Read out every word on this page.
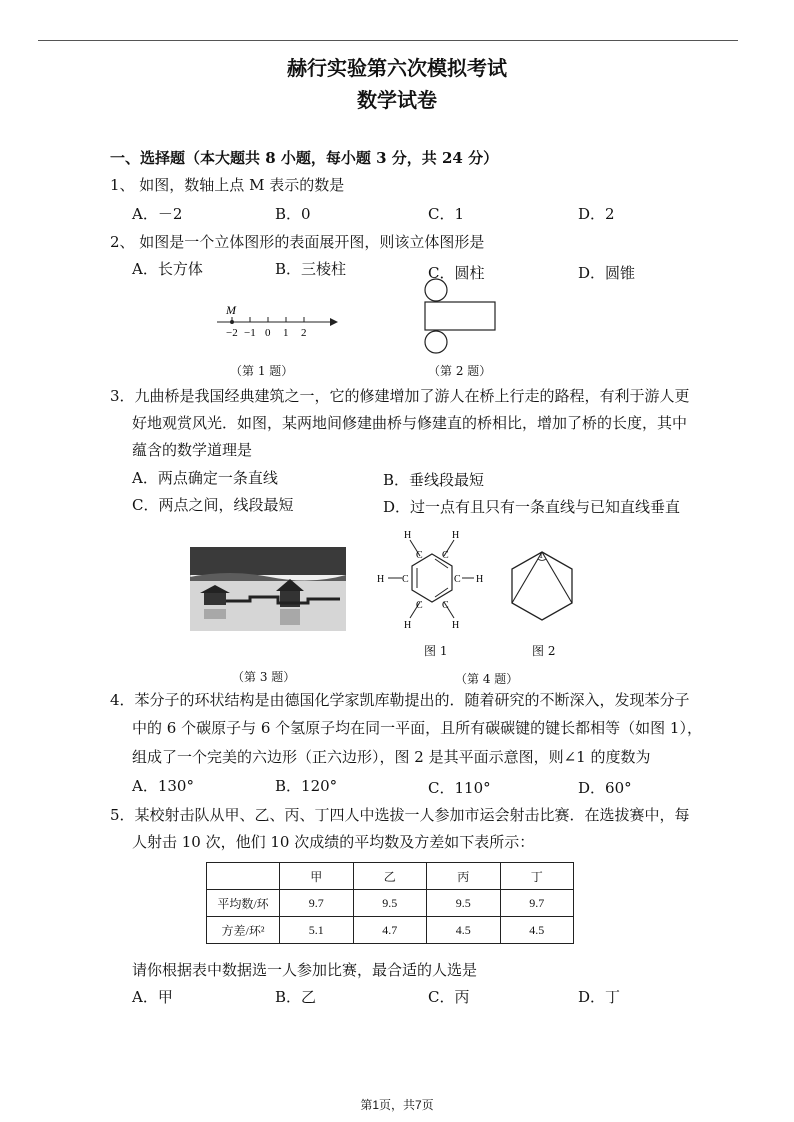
赫行实验第六次模拟考试
数学试卷
一、选择题（本大题共 8 小题，每小题 3 分，共 24 分）
1、 如图，数轴上点 M 表示的数是
A．－2	B．0	C．1	D．2
2、 如图是一个立体图形的表面展开图，则该立体图形是
A．长方体	B．三棱柱	C．圆柱	D．圆锥
M
−2 −1 0 1 2
（第 1 题）	（第 2 题）
3．九曲桥是我国经典建筑之一，它的修建增加了游人在桥上行走的路程，有利于游人更
好地观赏风光．如图，某两地间修建曲桥与修建直的桥相比，增加了桥的长度，其中
蕴含的数学道理是
A．两点确定一条直线	B．垂线段最短
C．两点之间，线段最短	D．过一点有且只有一条直线与已知直线垂直
（第 3 题）
C C
C	C
C C
H	H
H	H
H	H
图 1
1
图 2
（第 4 题）
4．苯分子的环状结构是由德国化学家凯库勒提出的．随着研究的不断深入，发现苯分子
中的 6 个碳原子与 6 个氢原子均在同一平面，且所有碳碳键的键长都相等（如图 1），
组成了一个完美的六边形（正六边形），图 2 是其平面示意图，则∠1 的度数为
A．130°	B．120°	C．110°	D．60°
5．某校射击队从甲、乙、丙、丁四人中选拔一人参加市运会射击比赛．在选拔赛中，每
人射击 10 次，他们 10 次成绩的平均数及方差如下表所示：
	甲	乙	丙	丁
平均数/环	9.7	9.5	9.5	9.7
方差/环²	5.1	4.7	4.5	4.5
请你根据表中数据选一人参加比赛，最合适的人选是
A．甲	B．乙	C．丙	D．丁
第1页，共7页
